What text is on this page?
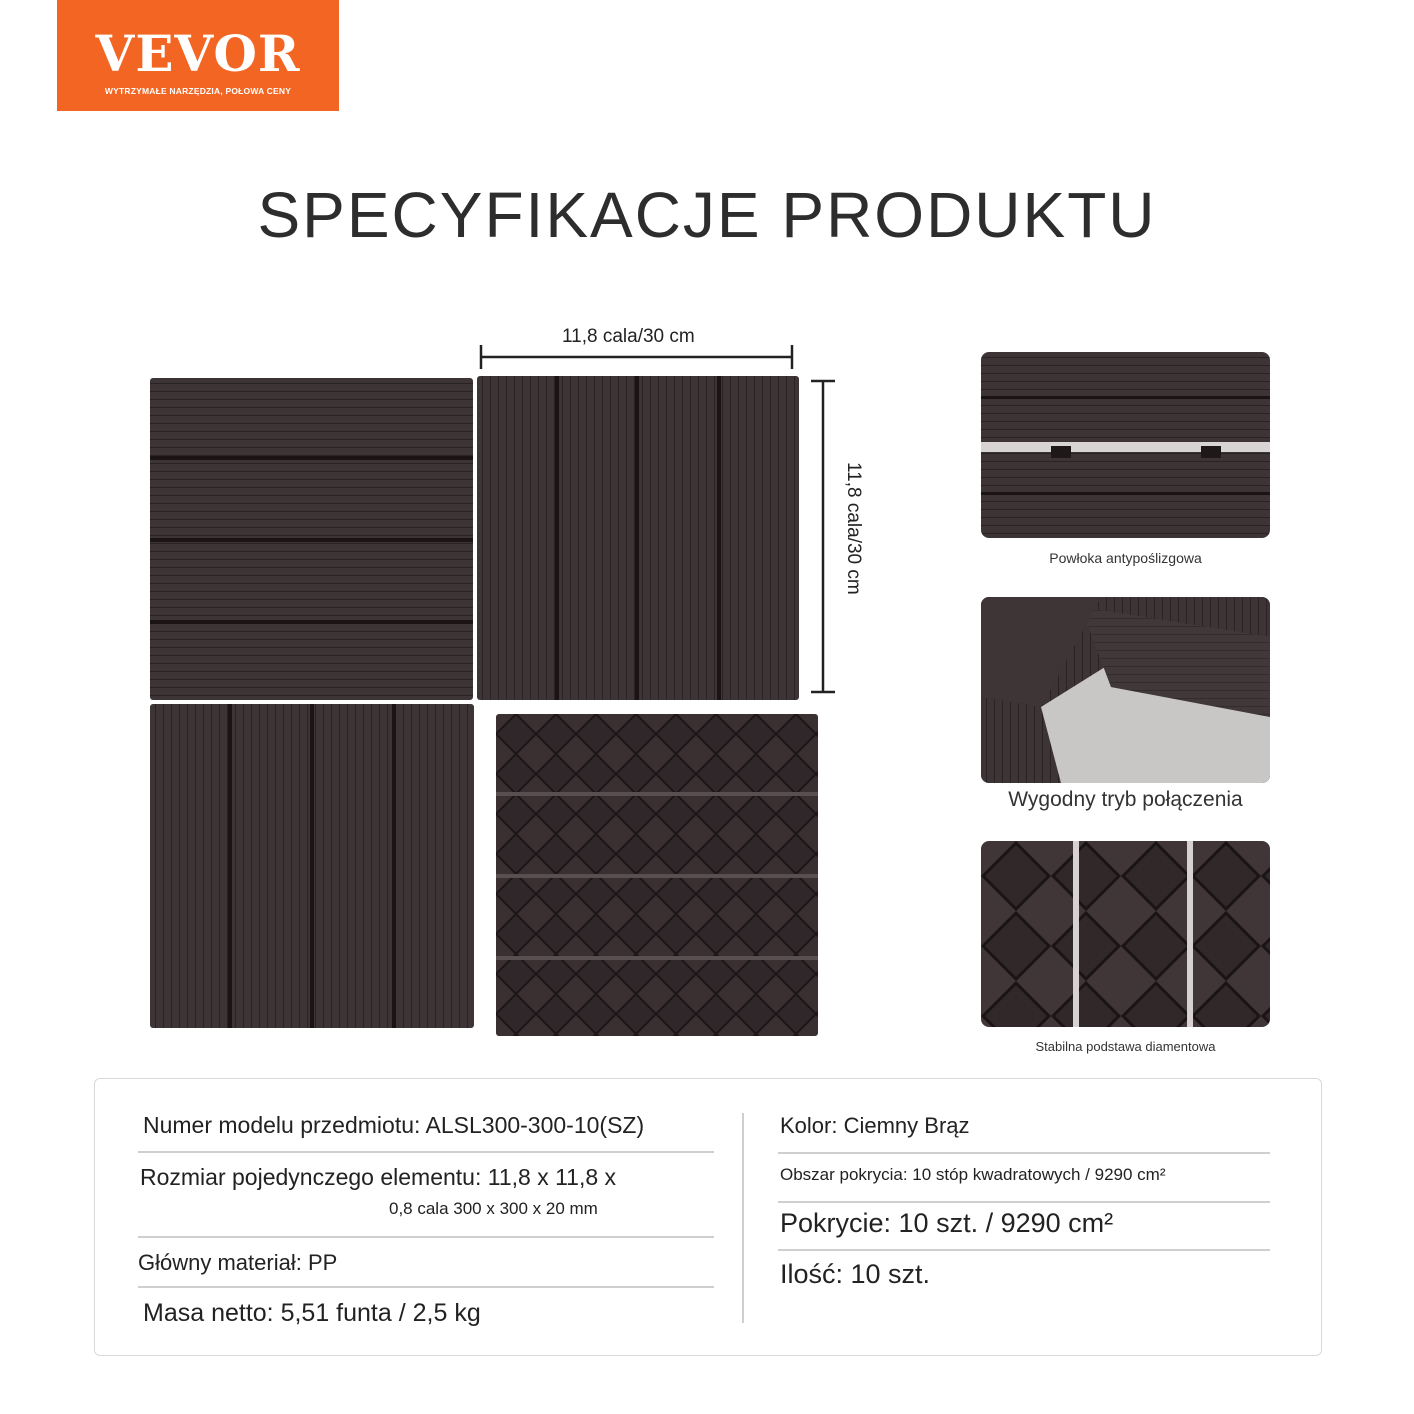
VEVOR	®
WYTRZYMAŁE NARZĘDZIA, POŁOWA CENY
SPECYFIKACJE PRODUKTU
11,8 cala/30 cm
11,8 cala/30 cm	Powłoka antypoślizgowa
Wygodny tryb połączenia
Stabilna podstawa diamentowa
Numer modelu przedmiotu: ALSL300-300-10(SZ)
Rozmiar pojedynczego elementu: 11,8 x 11,8 x
0,8 cala 300 x 300 x 20 mm
Główny materiał: PP
Masa netto: 5,51 funta / 2,5 kg
Kolor: Ciemny Brąz
Obszar pokrycia: 10 stóp kwadratowych / 9290 cm²
Pokrycie: 10 szt. / 9290 cm²
Ilość: 10 szt.
